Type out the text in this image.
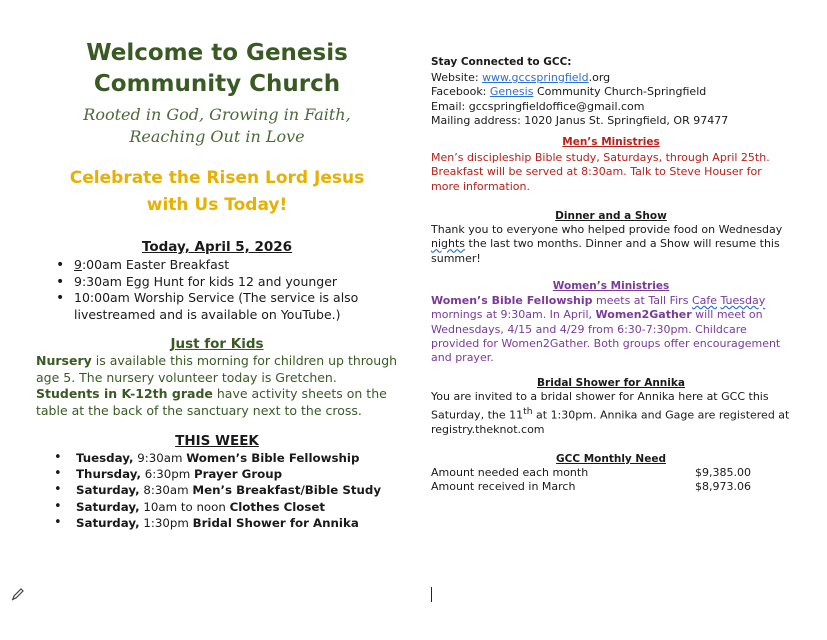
Welcome to Genesis
Community Church
Rooted in God, Growing in Faith,
Reaching Out in Love
Celebrate the Risen Lord Jesus
with Us Today!
Today, April 5, 2026
• 9:00am Easter Breakfast
• 9:30am Egg Hunt for kids 12 and younger
• 10:00am Worship Service (The service is also livestreamed and is available on YouTube.)
Just for Kids

Nursery is available this morning for children up through age 5. The nursery volunteer today is Gretchen. Students in K-12th grade have activity sheets on the table at the back of the sanctuary next to the cross.

THIS WEEK
• Tuesday, 9:30am Women’s Bible Fellowship
• Thursday, 6:30pm Prayer Group
• Saturday, 8:30am Men’s Breakfast/Bible Study
• Saturday, 10am to noon Clothes Closet
• Saturday, 1:30pm Bridal Shower for Annika
Stay Connected to GCC:
Website: www.gccspringfield.org
Facebook: Genesis Community Church-Springfield
Email: gccspringfieldoffice@gmail.com
Mailing address: 1020 Janus St. Springfield, OR 97477
Men’s Ministries

Men’s discipleship Bible study, Saturdays, through April 25th. Breakfast will be served at 8:30am. Talk to Steve Houser for more information.

Dinner and a Show

Thank you to everyone who helped provide food on Wednesday nights the last two months. Dinner and a Show will resume this summer!

Women’s Ministries

Women’s Bible Fellowship meets at Tall Firs Cafe Tuesday mornings at 9:30am. In April, Women2Gather will meet on Wednesdays, 4/15 and 4/29 from 6:30-7:30pm. Childcare provided for Women2Gather. Both groups offer encouragement and prayer.

Bridal Shower for Annika

You are invited to a bridal shower for Annika here at GCC this Saturday, the 11th at 1:30pm. Annika and Gage are registered at registry.theknot.com

GCC Monthly Need
Amount needed each month	$9,385.00
Amount received in March	$8,973.06
